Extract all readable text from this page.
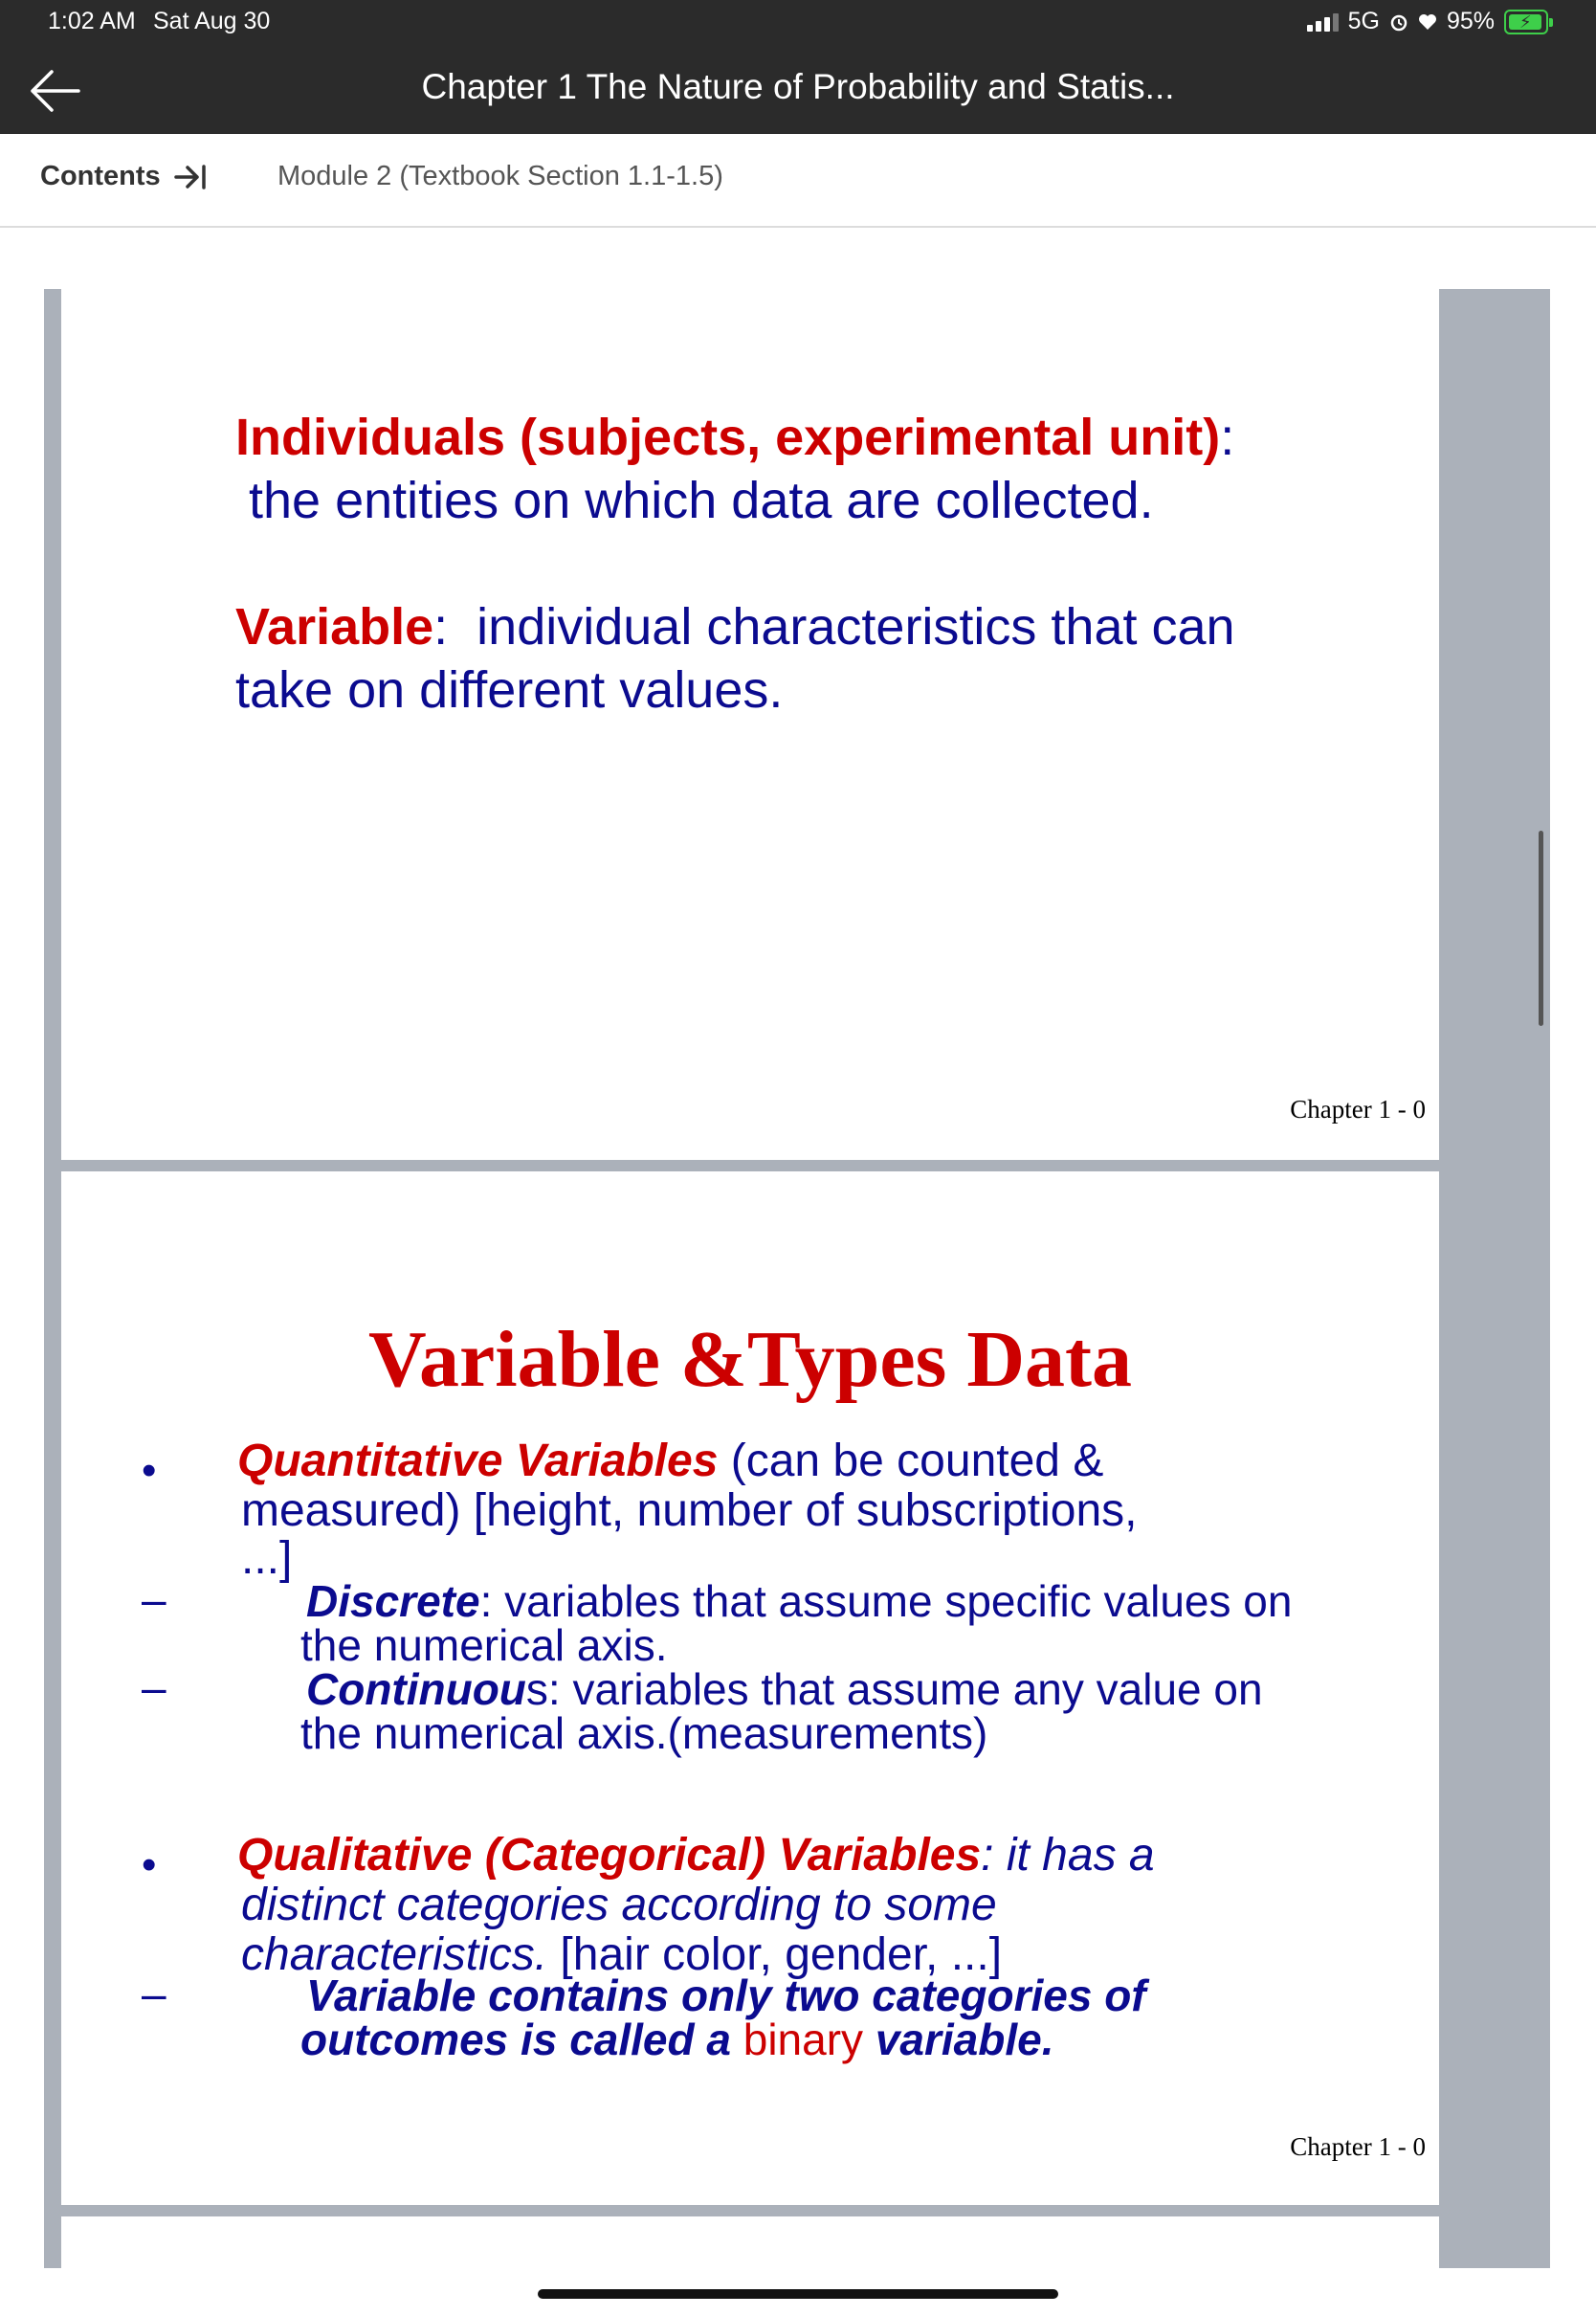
1:02 AM Sat Aug 30	5G	95% ⚡
Chapter 1 The Nature of Probability and Statis...
Contents	Module 2 (Textbook Section 1.1-1.5)
Individuals (subjects, experimental unit):
the entities on which data are collected.
Variable: individual characteristics that can
take on different values.
Chapter 1 - 0
Variable &Types Data
• Quantitative Variables (can be counted &
measured) [height, number of subscriptions,
...]
–	Discrete: variables that assume specific values on
the numerical axis.
–	Continuous: variables that assume any value on
the numerical axis.(measurements)
• Qualitative (Categorical) Variables: it has a
distinct categories according to some
characteristics. [hair color, gender, ...]
–	Variable contains only two categories of
outcomes is called a binary variable.
Chapter 1 - 0
